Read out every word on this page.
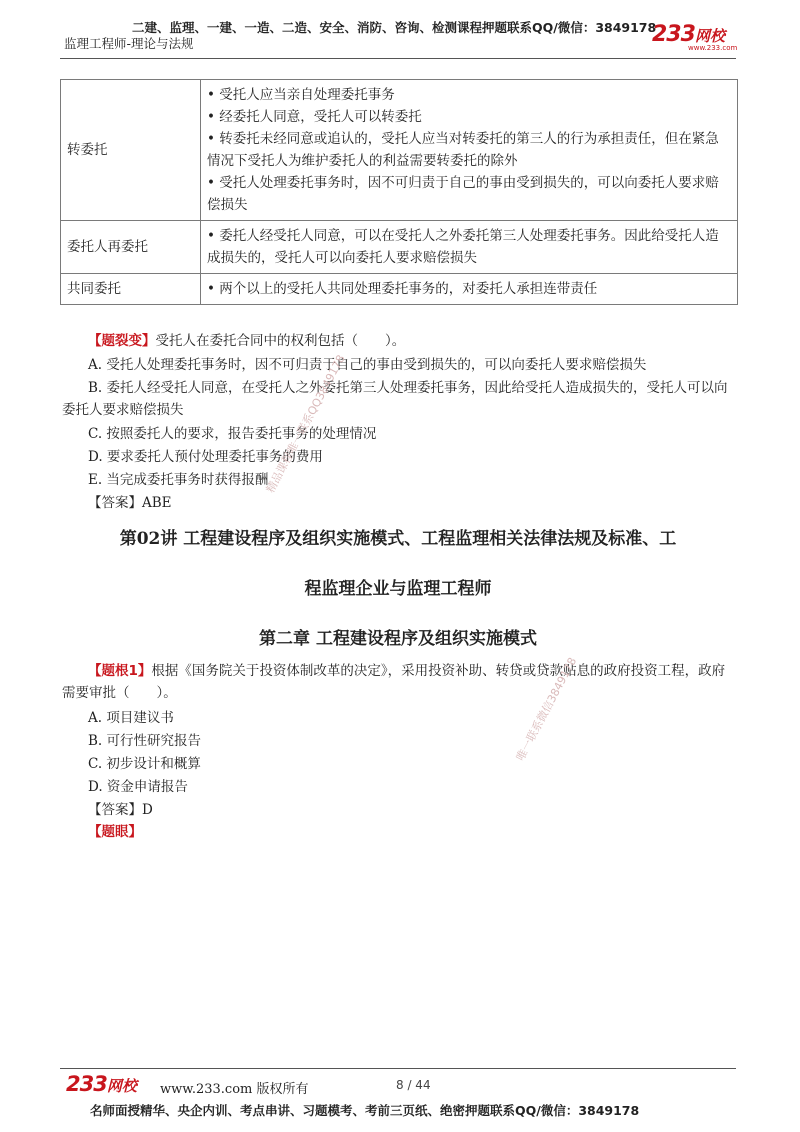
二建、监理、一建、一造、二造、安全、消防、咨询、检测课程押题联系QQ/微信：3849178
监理工程师-理论与法规	233网校
www.233.com
转委托	• 受托人应当亲自处理委托事务
• 经委托人同意，受托人可以转委托
• 转委托未经同意或追认的，受托人应当对转委托的第三人的行为承担责任，但在紧急情况下受托人为维护委托人的利益需要转委托的除外
• 受托人处理委托事务时，因不可归责于自己的事由受到损失的，可以向委托人要求赔偿损失

委托人再委托	• 委托人经受托人同意，可以在受托人之外委托第三人处理委托事务。因此给受托人造成损失的，受托人可以向委托人要求赔偿损失

共同委托	• 两个以上的受托人共同处理委托事务的，对委托人承担连带责任
【题裂变】受托人在委托合同中的权利包括（　　）。
A. 受托人处理委托事务时，因不可归责于自己的事由受到损失的，可以向委托人要求赔偿损失
B. 委托人经受托人同意，在受托人之外委托第三人处理委托事务，因此给受托人造成损失的，受托人可以向委托人要求赔偿损失
C. 按照委托人的要求，报告委托事务的处理情况
D. 要求委托人预付处理委托事务的费用
E. 当完成委托事务时获得报酬
【答案】ABE
第02讲 工程建设程序及组织实施模式、工程监理相关法律法规及标准、工
程监理企业与监理工程师
第二章 工程建设程序及组织实施模式
【题根1】根据《国务院关于投资体制改革的决定》，采用投资补助、转贷或贷款贴息的政府投资工程，政府需要审批（　　）。
A. 项目建议书
B. 可行性研究报告
C. 初步设计和概算
D. 资金申请报告
【答案】D
【题眼】
精品课程唯一联系QQ3849178
唯一联系微信3849178
233网校 www.233.com 版权所有	8 / 44
名师面授精华、央企内训、考点串讲、习题模考、考前三页纸、绝密押题联系QQ/微信：3849178
